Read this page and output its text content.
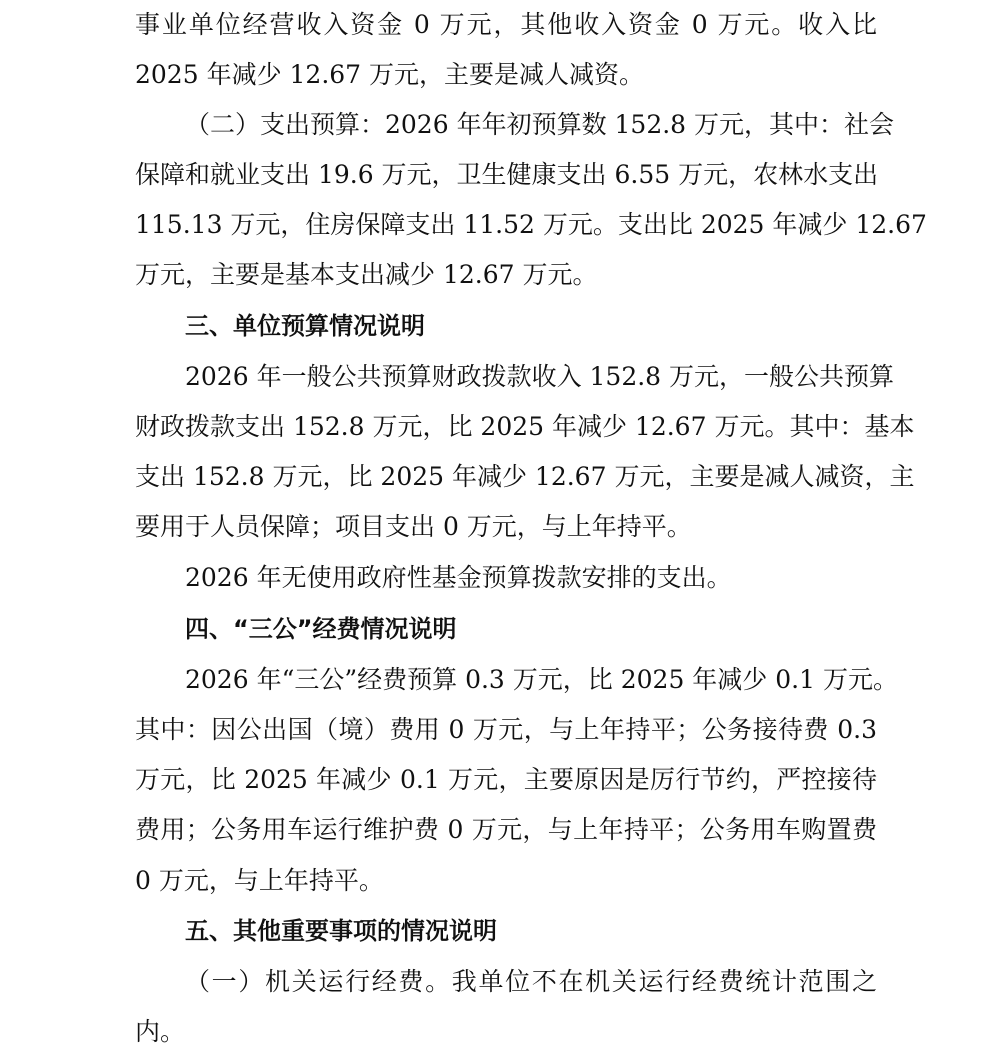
事业单位经营收入资金 0 万元，其他收入资金 0 万元。收入比
2025 年减少 12.67 万元，主要是减人减资。
（二）支出预算：2026 年年初预算数 152.8 万元，其中：社会
保障和就业支出 19.6 万元，卫生健康支出 6.55 万元，农林水支出
115.13 万元，住房保障支出 11.52 万元。支出比 2025 年减少 12.67
万元，主要是基本支出减少 12.67 万元。
三、单位预算情况说明
2026 年一般公共预算财政拨款收入 152.8 万元，一般公共预算
财政拨款支出 152.8 万元，比 2025 年减少 12.67 万元。其中：基本
支出 152.8 万元，比 2025 年减少 12.67 万元，主要是减人减资，主
要用于人员保障；项目支出 0 万元，与上年持平。
2026 年无使用政府性基金预算拨款安排的支出。
四、“三公”经费情况说明
2026 年“三公”经费预算 0.3 万元，比 2025 年减少 0.1 万元。
其中：因公出国（境）费用 0 万元，与上年持平；公务接待费 0.3
万元，比 2025 年减少 0.1 万元，主要原因是厉行节约，严控接待
费用；公务用车运行维护费 0 万元，与上年持平；公务用车购置费
0 万元，与上年持平。
五、其他重要事项的情况说明
（一）机关运行经费。我单位不在机关运行经费统计范围之
内。
